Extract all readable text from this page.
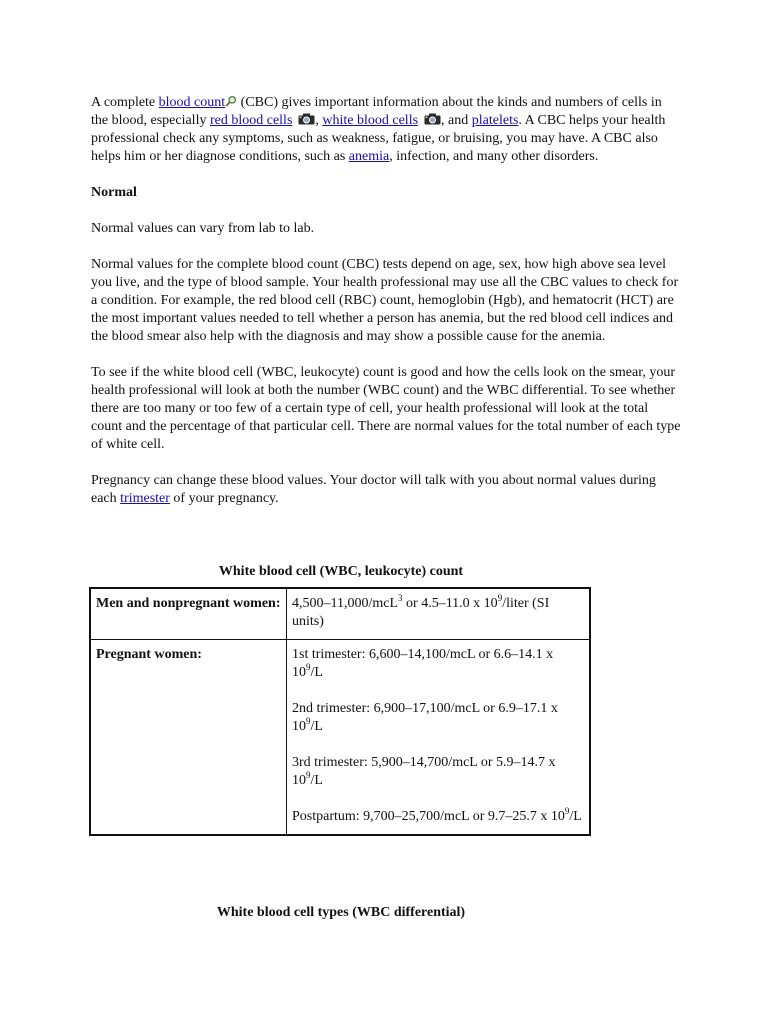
A complete blood count (CBC) gives important information about the kinds and numbers of cells in the blood, especially red blood cells , white blood cells , and platelets. A CBC helps your health professional check any symptoms, such as weakness, fatigue, or bruising, you may have. A CBC also helps him or her diagnose conditions, such as anemia, infection, and many other disorders.

Normal

Normal values can vary from lab to lab.

Normal values for the complete blood count (CBC) tests depend on age, sex, how high above sea level you live, and the type of blood sample. Your health professional may use all the CBC values to check for a condition. For example, the red blood cell (RBC) count, hemoglobin (Hgb), and hematocrit (HCT) are the most important values needed to tell whether a person has anemia, but the red blood cell indices and the blood smear also help with the diagnosis and may show a possible cause for the anemia.

To see if the white blood cell (WBC, leukocyte) count is good and how the cells look on the smear, your health professional will look at both the number (WBC count) and the WBC differential. To see whether there are too many or too few of a certain type of cell, your health professional will look at the total count and the percentage of that particular cell. There are normal values for the total number of each type of white cell.

Pregnancy can change these blood values. Your doctor will talk with you about normal values during each trimester of your pregnancy.

White blood cell (WBC, leukocyte) count
Men and nonpregnant women:	4,500–11,000/mcL$^3$ or 4.5–11.0 x $10^9$/liter (SI units)

Pregnant women:	1st trimester: 6,600–14,100/mcL or 6.6–14.1 x $10^9/L$

2nd trimester: 6,900–17,100/mcL or 6.9–17.1 x $10^9/L$

3rd trimester: 5,900–14,700/mcL or 5.9–14.7 x $10^9/L$

Postpartum: 9,700–25,700/mcL or 9.7–25.7 x $10^9/L$

White blood cell types (WBC differential)
